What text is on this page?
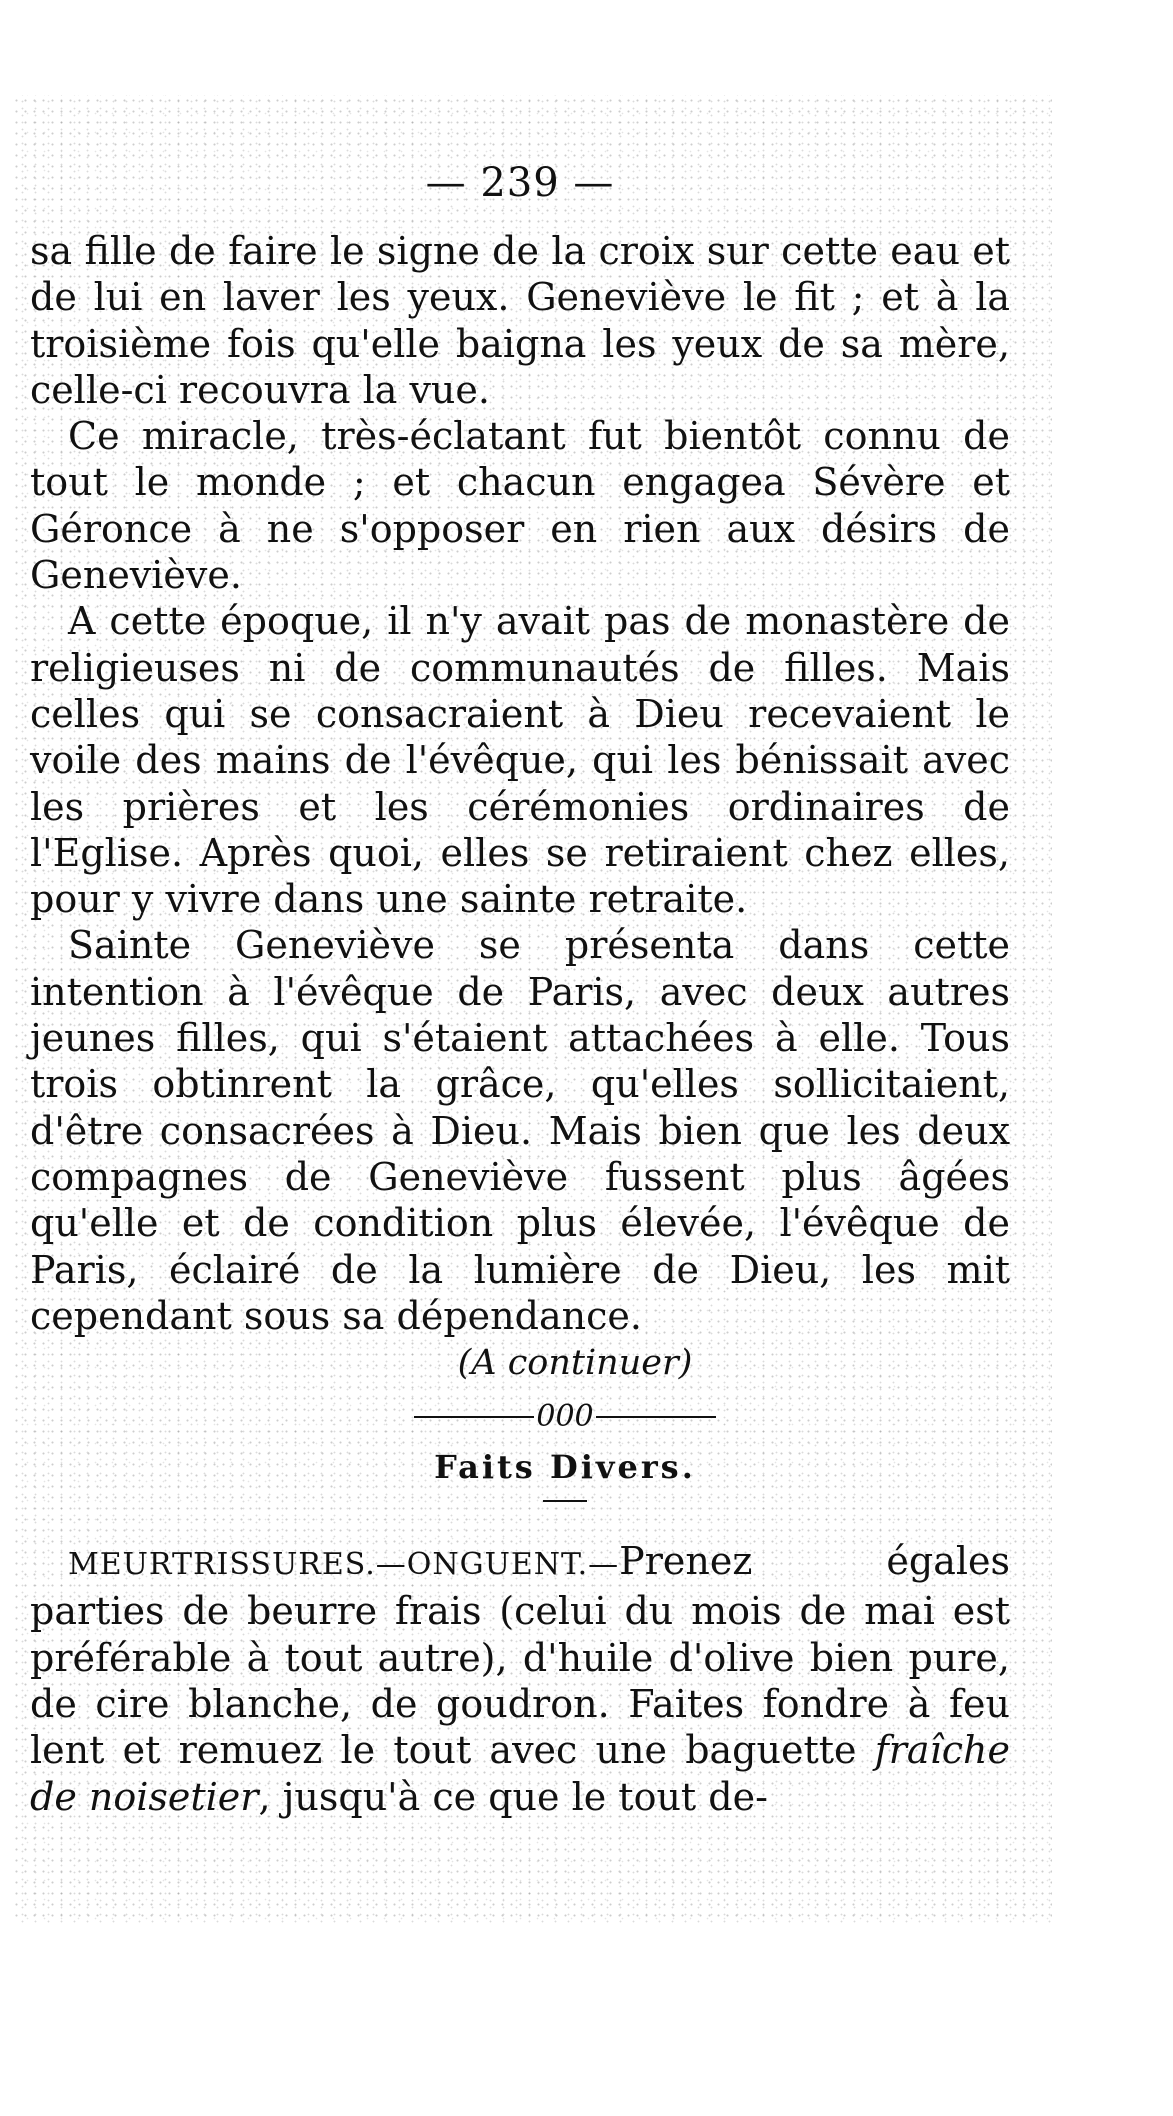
— 239 —

sa fille de faire le signe de la croix sur cette eau et de lui en laver les yeux. Geneviève le fit ; et à la troisième fois qu'elle baigna les yeux de sa mère, celle-ci recouvra la vue.

Ce miracle, très-éclatant fut bientôt connu de tout le monde ; et chacun engagea Sévère et Géronce à ne s'opposer en rien aux désirs de Geneviève.

A cette époque, il n'y avait pas de monastère de religieuses ni de communautés de filles. Mais celles qui se consacraient à Dieu recevaient le voile des mains de l'évêque, qui les bénissait avec les prières et les cérémonies ordinaires de l'Eglise. Après quoi, elles se retiraient chez elles, pour y vivre dans une sainte retraite.

Sainte Geneviève se présenta dans cette intention à l'évêque de Paris, avec deux autres jeunes filles, qui s'étaient attachées à elle. Tous trois obtinrent la grâce, qu'elles sollicitaient, d'être consacrées à Dieu. Mais bien que les deux compagnes de Geneviève fussent plus âgées qu'elle et de condition plus élevée, l'évêque de Paris, éclairé de la lumière de Dieu, les mit cependant sous sa dépendance.

(A continuer)
000
Faits Divers.

MEURTRISSURES.—ONGUENT.—Prenez égales parties de beurre frais (celui du mois de mai est préférable à tout autre), d'huile d'olive bien pure, de cire blanche, de goudron. Faites fondre à feu lent et remuez le tout avec une baguette fraîche de noisetier, jusqu'à ce que le tout de-
